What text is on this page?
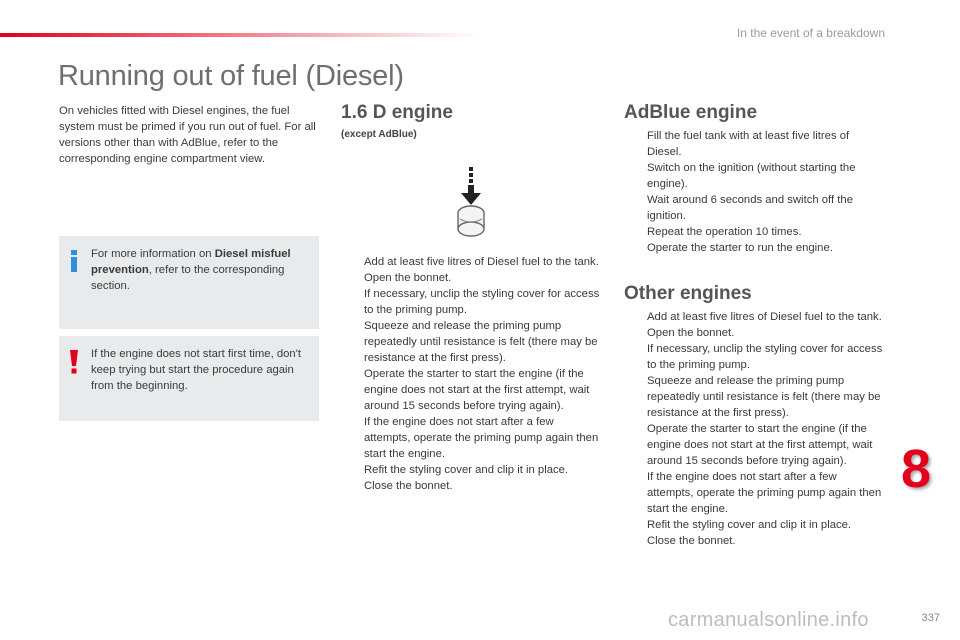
In the event of a breakdown
Running out of fuel (Diesel)
On vehicles fitted with Diesel engines, the fuel system must be primed if you run out of fuel. For all versions other than with AdBlue, refer to the corresponding engine compartment view.
For more information on Diesel misfuel prevention, refer to the corresponding section.
If the engine does not start first time, don't keep trying but start the procedure again from the beginning.
1.6 D engine
(except AdBlue)
Add at least five litres of Diesel fuel to the tank.
Open the bonnet.
If necessary, unclip the styling cover for access to the priming pump.
Squeeze and release the priming pump repeatedly until resistance is felt (there may be resistance at the first press).
Operate the starter to start the engine (if the engine does not start at the first attempt, wait around 15 seconds before trying again).
If the engine does not start after a few attempts, operate the priming pump again then start the engine.
Refit the styling cover and clip it in place.
Close the bonnet.
AdBlue engine
Fill the fuel tank with at least five litres of Diesel.
Switch on the ignition (without starting the engine).
Wait around 6 seconds and switch off the ignition.
Repeat the operation 10 times.
Operate the starter to run the engine.
Other engines
Add at least five litres of Diesel fuel to the tank.
Open the bonnet.
If necessary, unclip the styling cover for access to the priming pump.
Squeeze and release the priming pump repeatedly until resistance is felt (there may be resistance at the first press).
Operate the starter to start the engine (if the engine does not start at the first attempt, wait around 15 seconds before trying again).
If the engine does not start after a few attempts, operate the priming pump again then start the engine.
Refit the styling cover and clip it in place.
Close the bonnet.
8
carmanualsonline.info	337
